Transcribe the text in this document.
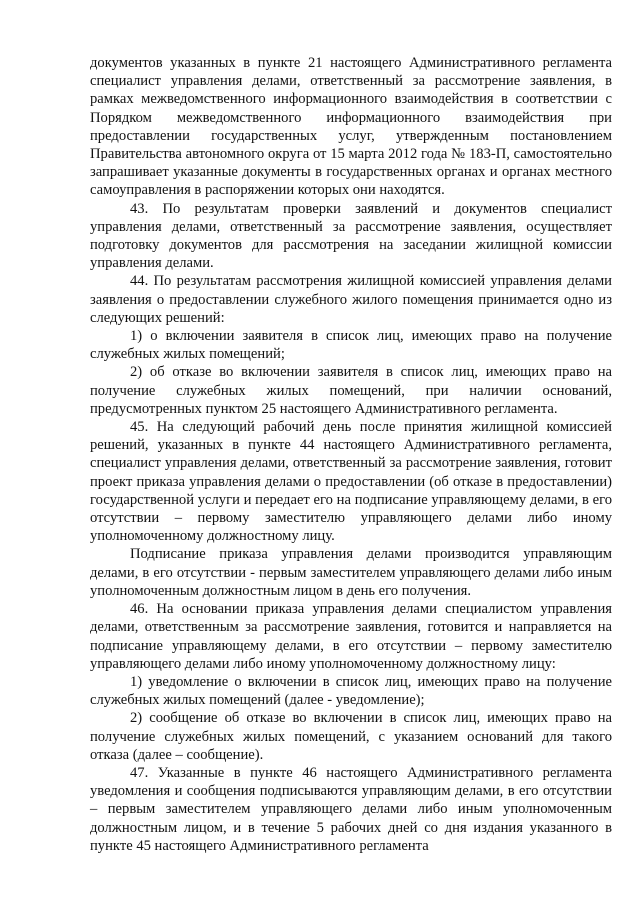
документов указанных в пункте 21 настоящего Административного регламента специалист управления делами, ответственный за рассмотрение заявления, в рамках межведомственного информационного взаимодействия в соответствии с Порядком межведомственного информационного взаимодействия при предоставлении государственных услуг, утвержденным постановлением Правительства автономного округа от 15 марта 2012 года № 183-П, самостоятельно запрашивает указанные документы в государственных органах и органах местного самоуправления в распоряжении которых они находятся.

43. По результатам проверки заявлений и документов специалист управления делами, ответственный за рассмотрение заявления, осуществляет подготовку документов для рассмотрения на заседании жилищной комиссии управления делами.

44. По результатам рассмотрения жилищной комиссией управления делами заявления о предоставлении служебного жилого помещения принимается одно из следующих решений:

1) о включении заявителя в список лиц, имеющих право на получение служебных жилых помещений;

2) об отказе во включении заявителя в список лиц, имеющих право на получение служебных жилых помещений, при наличии оснований, предусмотренных пунктом 25 настоящего Административного регламента.

45. На следующий рабочий день после принятия жилищной комиссией решений, указанных в пункте 44 настоящего Административного регламента, специалист управления делами, ответственный за рассмотрение заявления, готовит проект приказа управления делами о предоставлении (об отказе в предоставлении) государственной услуги и передает его на подписание управляющему делами, в его отсутствии – первому заместителю управляющего делами либо иному уполномоченному должностному лицу.

Подписание приказа управления делами производится управляющим делами, в его отсутствии - первым заместителем управляющего делами либо иным уполномоченным должностным лицом в день его получения.

46. На основании приказа управления делами специалистом управления делами, ответственным за рассмотрение заявления, готовится и направляется на подписание управляющему делами, в его отсутствии – первому заместителю управляющего делами либо иному уполномоченному должностному лицу:

1) уведомление о включении в список лиц, имеющих право на получение служебных жилых помещений (далее - уведомление);

2) сообщение об отказе во включении в список лиц, имеющих право на получение служебных жилых помещений, с указанием оснований для такого отказа (далее – сообщение).

47. Указанные в пункте 46 настоящего Административного регламента уведомления и сообщения подписываются управляющим делами, в его отсутствии – первым заместителем управляющего делами либо иным уполномоченным должностным лицом, и в течение 5 рабочих дней со дня издания указанного в пункте 45 настоящего Административного регламента
